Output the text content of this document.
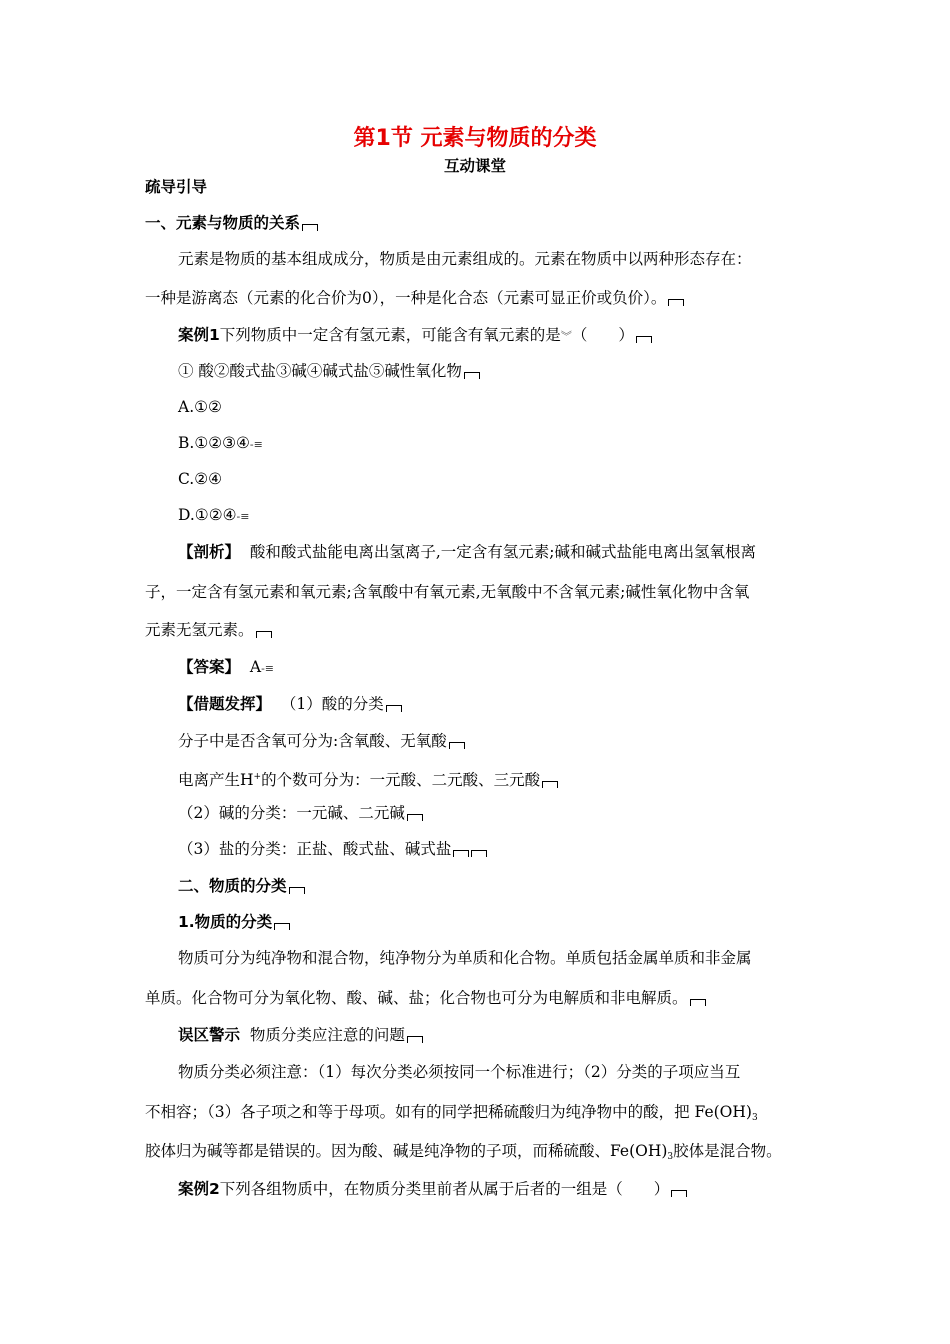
第1节 元素与物质的分类
互动课堂
疏导引导
一、元素与物质的关系
元素是物质的基本组成成分，物质是由元素组成的。元素在物质中以两种形态存在：
一种是游离态（元素的化合价为0），一种是化合态（元素可显正价或负价）。
案例1下列物质中一定含有氢元素，可能含有氧元素的是︾（　　）
① 酸②酸式盐③碱④碱式盐⑤碱性氧化物
A.①②
B.①②③④-≡
C.②④
D.①②④-≡
【剖析】 酸和酸式盐能电离出氢离子,一定含有氢元素;碱和碱式盐能电离出氢氧根离
子，一定含有氢元素和氧元素;含氧酸中有氧元素,无氧酸中不含氧元素;碱性氧化物中含氧
元素无氢元素。
【答案】 A-≡
【借题发挥】 （1）酸的分类
分子中是否含氧可分为:含氧酸、无氧酸
电离产生H+的个数可分为：一元酸、二元酸、三元酸
（2）碱的分类：一元碱、二元碱
（3）盐的分类：正盐、酸式盐、碱式盐
二、物质的分类
1.物质的分类
物质可分为纯净物和混合物，纯净物分为单质和化合物。单质包括金属单质和非金属
单质。化合物可分为氧化物、酸、碱、盐；化合物也可分为电解质和非电解质。
误区警示 物质分类应注意的问题
物质分类必须注意：（1）每次分类必须按同一个标准进行；（2）分类的子项应当互
不相容；（3）各子项之和等于母项。如有的同学把稀硫酸归为纯净物中的酸，把 $Fe(OH)_3$
胶体归为碱等都是错误的。因为酸、碱是纯净物的子项，而稀硫酸、$Fe(OH)_3$胶体是混合物。
案例2下列各组物质中，在物质分类里前者从属于后者的一组是（　　）
